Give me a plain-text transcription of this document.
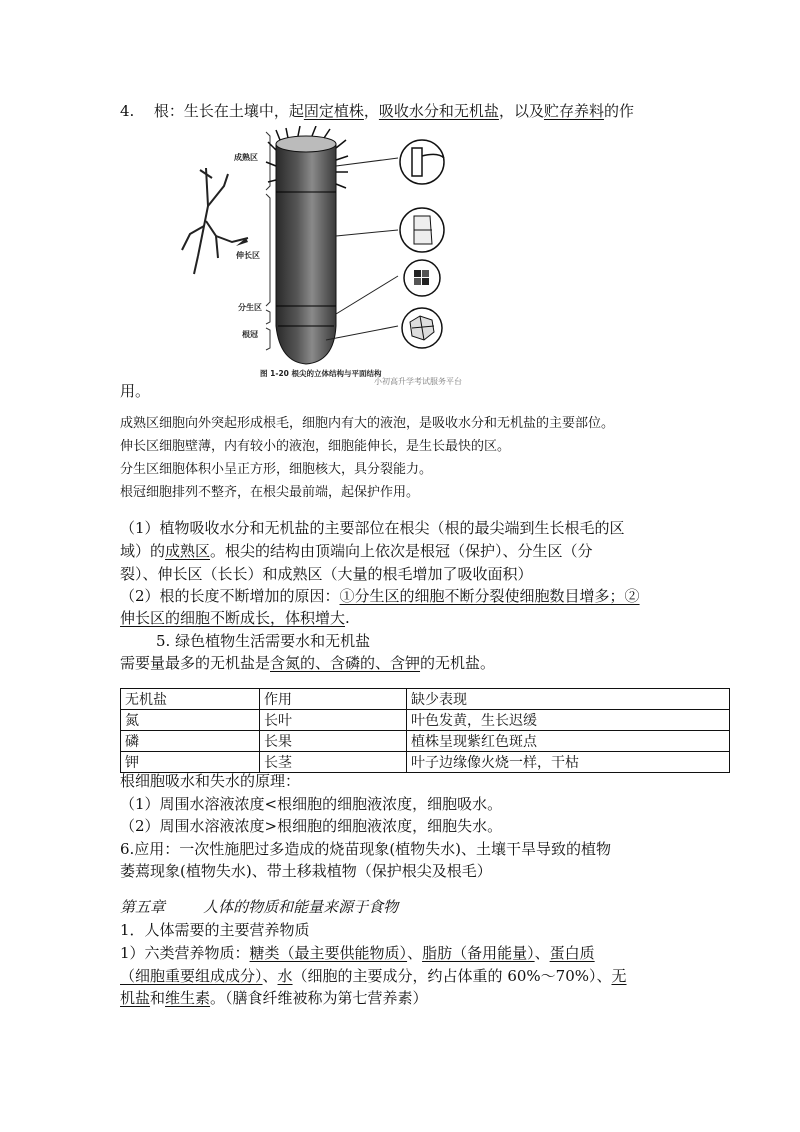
4. 根：生长在土壤中，起固定植株，吸收水分和无机盐，以及贮存养料的作
成熟区
伸长区
分生区
根冠
图 1-20 根尖的立体结构与平面结构
小初高升学考试服务平台
用。
成熟区细胞向外突起形成根毛，细胞内有大的液泡，是吸收水分和无机盐的主要部位。
伸长区细胞壁薄，内有较小的液泡，细胞能伸长，是生长最快的区。
分生区细胞体积小呈正方形，细胞核大，具分裂能力。
根冠细胞排列不整齐，在根尖最前端，起保护作用。
（1）植物吸收水分和无机盐的主要部位在根尖（根的最尖端到生长根毛的区
域）的成熟区。根尖的结构由顶端向上依次是根冠（保护）、分生区（分
裂）、伸长区（长长）和成熟区（大量的根毛增加了吸收面积）
（2）根的长度不断增加的原因：①分生区的细胞不断分裂使细胞数目增多；②
伸长区的细胞不断成长，体积增大.
5. 绿色植物生活需要水和无机盐
需要量最多的无机盐是含氮的、含磷的、含钾的无机盐。
无机盐	作用	缺少表现
氮	长叶	叶色发黄，生长迟缓
磷	长果	植株呈现紫红色斑点
钾	长茎	叶子边缘像火烧一样，干枯
根细胞吸水和失水的原理：
（1）周围水溶液浓度<根细胞的细胞液浓度，细胞吸水。
（2）周围水溶液浓度>根细胞的细胞液浓度，细胞失水。
6.应用：一次性施肥过多造成的烧苗现象(植物失水)、土壤干旱导致的植物
萎蔫现象(植物失水)、带土移栽植物（保护根尖及根毛）
第五章        人体的物质和能量来源于食物
1．人体需要的主要营养物质
1）六类营养物质：糖类（最主要供能物质）、脂肪（备用能量）、蛋白质
（细胞重要组成成分）、水（细胞的主要成分，约占体重的 60%～70%）、无
机盐和维生素。（膳食纤维被称为第七营养素）
